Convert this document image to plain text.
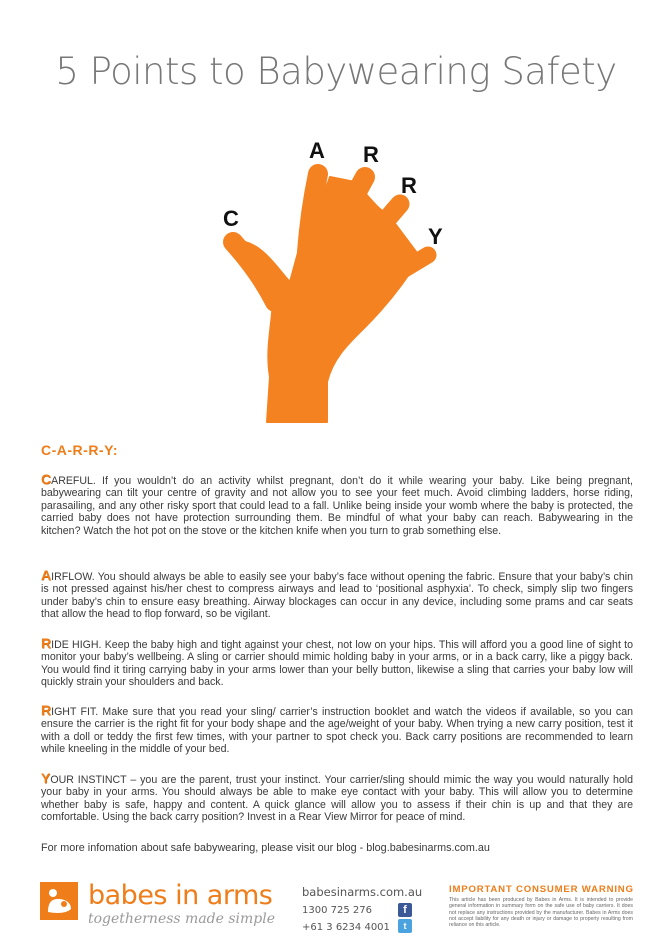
5 Points to Babywearing Safety
C
A R
R
Y
C-A-R-R-Y:
CAREFUL. If you wouldn’t do an activity whilst pregnant, don’t do it while wearing your baby. Like being pregnant, babywearing can tilt your centre of gravity and not allow you to see your feet much. Avoid climbing ladders, horse riding, parasailing, and any other risky sport that could lead to a fall. Unlike being inside your womb where the baby is protected, the carried baby does not have protection surrounding them. Be mindful of what your baby can reach. Babywearing in the kitchen? Watch the hot pot on the stove or the kitchen knife when you turn to grab something else.
AIRFLOW. You should always be able to easily see your baby’s face without opening the fabric. Ensure that your baby’s chin is not pressed against his/her chest to compress airways and lead to ‘positional asphyxia’. To check, simply slip two fingers under baby’s chin to ensure easy breathing. Airway blockages can occur in any device, including some prams and car seats that allow the head to flop forward, so be vigilant.
RIDE HIGH. Keep the baby high and tight against your chest, not low on your hips. This will afford you a good line of sight to monitor your baby’s wellbeing. A sling or carrier should mimic holding baby in your arms, or in a back carry, like a piggy back. You would find it tiring carrying baby in your arms lower than your belly button, likewise a sling that carries your baby low will quickly strain your shoulders and back.
RIGHT FIT. Make sure that you read your sling/ carrier’s instruction booklet and watch the videos if available, so you can ensure the carrier is the right fit for your body shape and the age/weight of your baby. When trying a new carry position, test it with a doll or teddy the first few times, with your partner to spot check you. Back carry positions are recommended to learn while kneeling in the middle of your bed.
YOUR INSTINCT – you are the parent, trust your instinct. Your carrier/sling should mimic the way you would naturally hold your baby in your arms. You should always be able to make eye contact with your baby. This will allow you to determine whether baby is safe, happy and content. A quick glance will allow you to assess if their chin is up and that they are comfortable. Using the back carry position? Invest in a Rear View Mirror for peace of mind.
For more infomation about safe babywearing, please visit our blog - blog.babesinarms.com.au
babes in arms
togetherness made simple
babesinarms.com.au
1300 725 276
+61 3 6234 4001
f
t
IMPORTANT CONSUMER WARNING
This article has been produced by Babes in Arms. It is intended to provide general information in summary form on the safe use of baby carriers. It does not replace any instructions provided by the manufacturer. Babes in Arms does not accept liability for any death or injury or damage to property resulting from reliance on this article.
